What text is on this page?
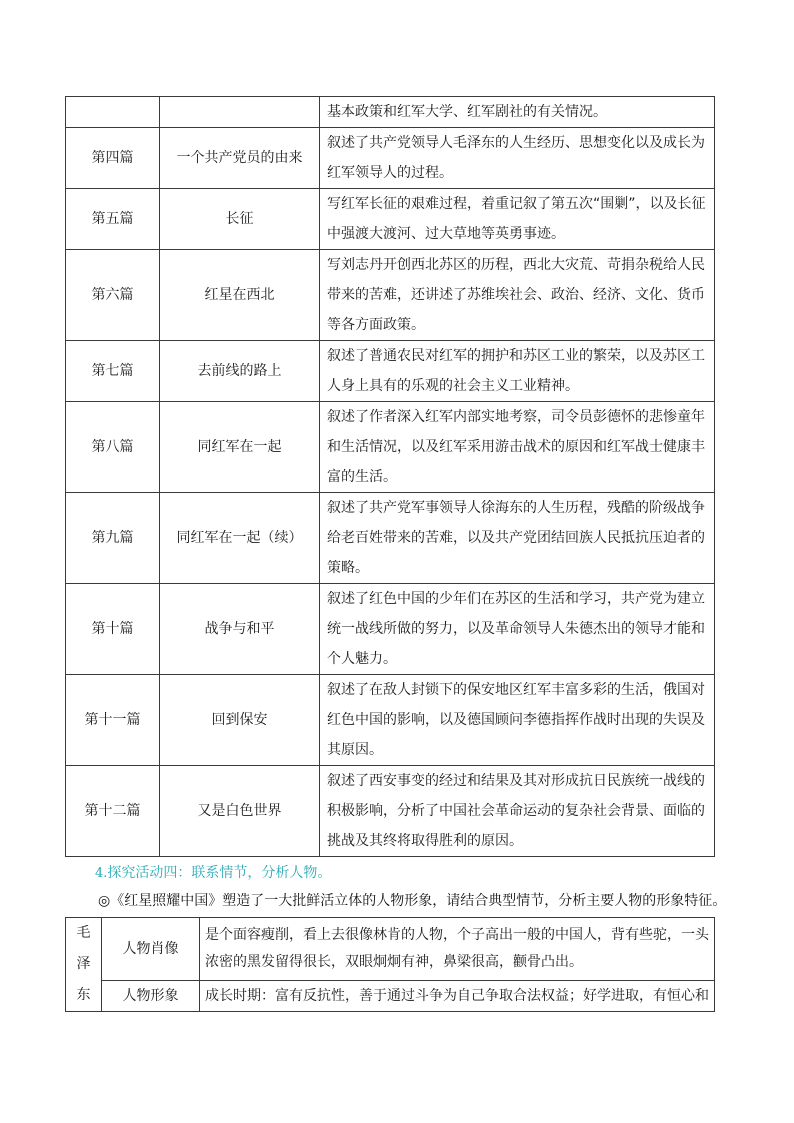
		基本政策和红军大学、红军剧社的有关情况。
第四篇	一个共产党员的由来	叙述了共产党领导人毛泽东的人生经历、思想变化以及成长为红军领导人的过程。
第五篇	长征	写红军长征的艰难过程，着重记叙了第五次“围剿”，以及长征中强渡大渡河、过大草地等英勇事迹。
第六篇	红星在西北	写刘志丹开创西北苏区的历程，西北大灾荒、苛捐杂税给人民带来的苦难，还讲述了苏维埃社会、政治、经济、文化、货币等各方面政策。
第七篇	去前线的路上	叙述了普通农民对红军的拥护和苏区工业的繁荣，以及苏区工人身上具有的乐观的社会主义工业精神。
第八篇	同红军在一起	叙述了作者深入红军内部实地考察，司令员彭德怀的悲惨童年和生活情况，以及红军采用游击战术的原因和红军战士健康丰富的生活。
第九篇	同红军在一起（续）	叙述了共产党军事领导人徐海东的人生历程，残酷的阶级战争给老百姓带来的苦难，以及共产党团结回族人民抵抗压迫者的策略。
第十篇	战争与和平	叙述了红色中国的少年们在苏区的生活和学习，共产党为建立统一战线所做的努力，以及革命领导人朱德杰出的领导才能和个人魅力。
第十一篇	回到保安	叙述了在敌人封锁下的保安地区红军丰富多彩的生活，俄国对红色中国的影响，以及德国顾问李德指挥作战时出现的失误及其原因。
第十二篇	又是白色世界	叙述了西安事变的经过和结果及其对形成抗日民族统一战线的积极影响，分析了中国社会革命运动的复杂社会背景、面临的挑战及其终将取得胜利的原因。

4.探究活动四：联系情节，分析人物。

◎《红星照耀中国》塑造了一大批鲜活立体的人物形象，请结合典型情节，分析主要人物的形象特征。

毛
泽
东	人物肖像	是个面容瘦削，看上去很像林肯的人物，个子高出一般的中国人，背有些驼，一头浓密的黑发留得很长，双眼炯炯有神，鼻梁很高，颧骨凸出。
	人物形象	成长时期：富有反抗性，善于通过斗争为自己争取合法权益；好学进取，有恒心和
